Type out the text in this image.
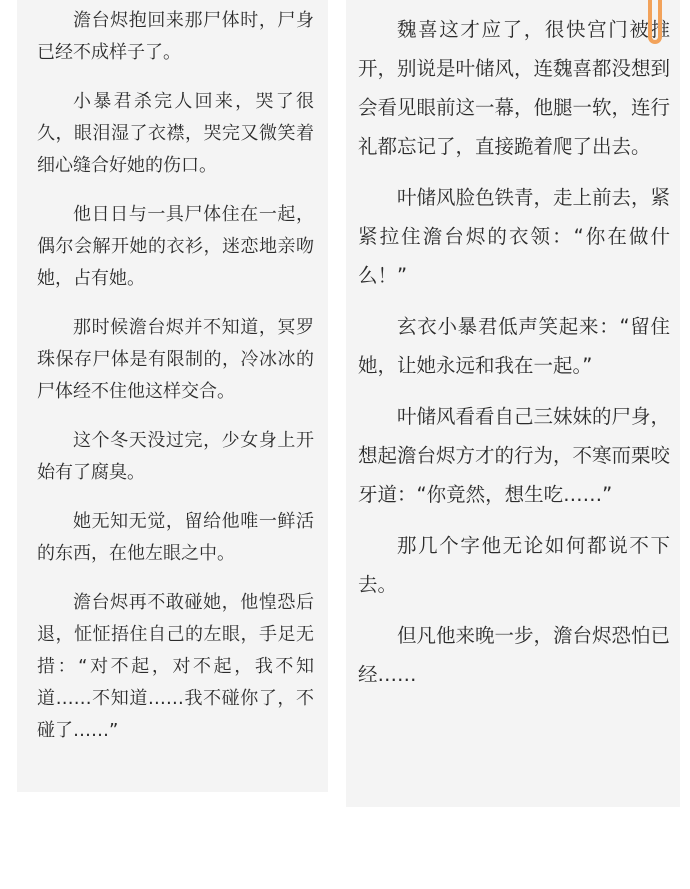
澹台烬抱回来那尸体时，尸身已经不成样子了。

小暴君杀完人回来，哭了很久，眼泪湿了衣襟，哭完又微笑着细心缝合好她的伤口。

他日日与一具尸体住在一起，偶尔会解开她的衣衫，迷恋地亲吻她，占有她。

那时候澹台烬并不知道，冥罗珠保存尸体是有限制的，冷冰冰的尸体经不住他这样交合。

这个冬天没过完，少女身上开始有了腐臭。

她无知无觉，留给他唯一鲜活的东西，在他左眼之中。

澹台烬再不敢碰她，他惶恐后退，怔怔捂住自己的左眼，手足无措：“对不起，对不起，我不知道……不知道……我不碰你了，不碰了……”

魏喜这才应了，很快宫门被推开，别说是叶储风，连魏喜都没想到会看见眼前这一幕，他腿一软，连行礼都忘记了，直接跪着爬了出去。

叶储风脸色铁青，走上前去，紧紧拉住澹台烬的衣领：“你在做什么！”

玄衣小暴君低声笑起来：“留住她，让她永远和我在一起。”

叶储风看看自己三妹妹的尸身，想起澹台烬方才的行为，不寒而栗咬牙道：“你竟然，想生吃……”

那几个字他无论如何都说不下去。

但凡他来晚一步，澹台烬恐怕已经……
